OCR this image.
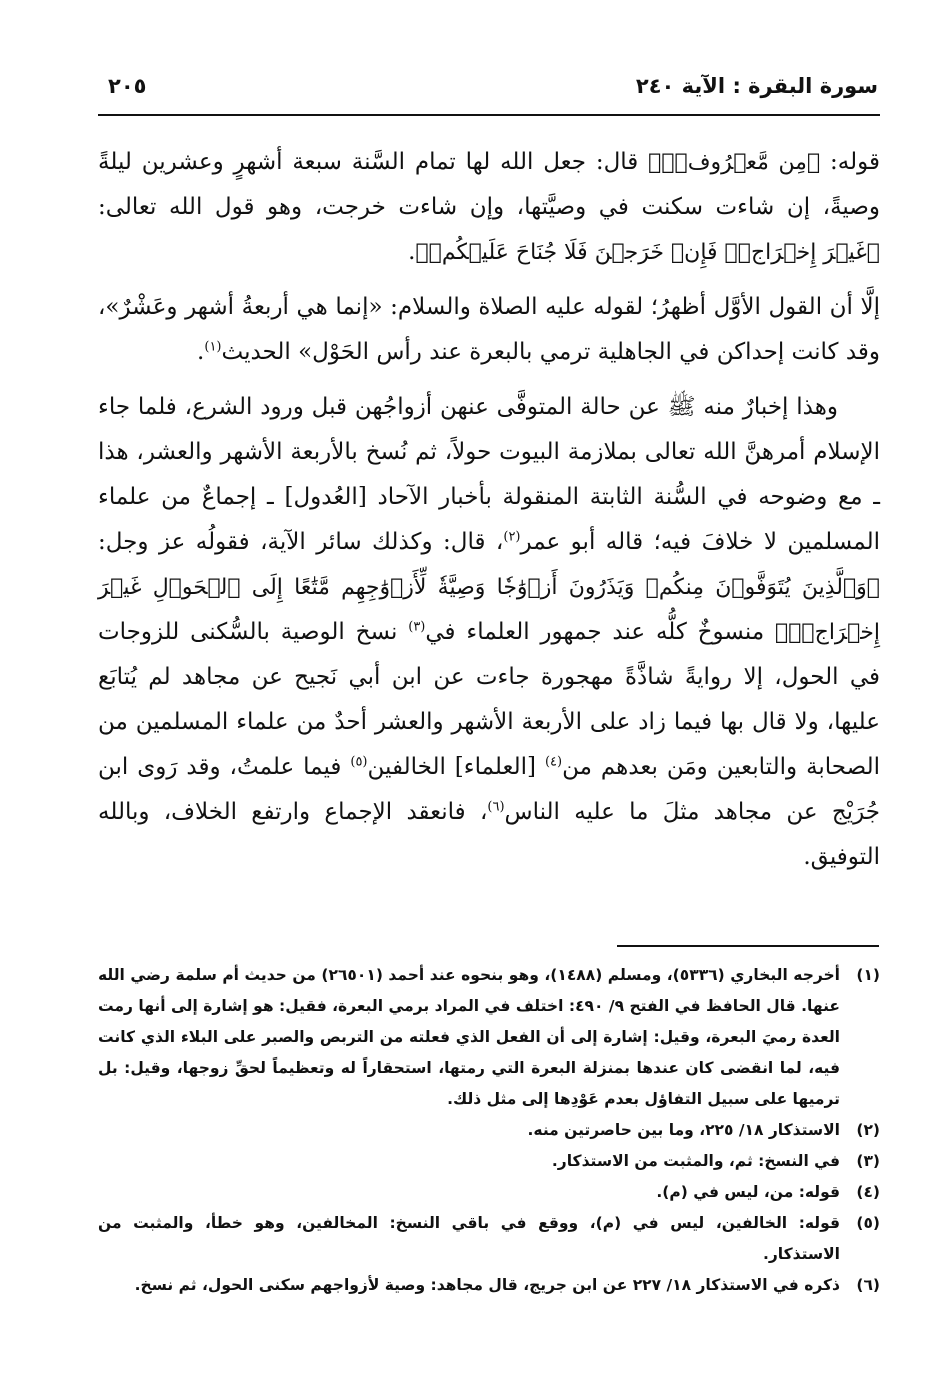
سورة البقرة : الآية ٢٤٠
٢٠٥

قوله: ﴿مِن مَّعۡرُوفٖۗ﴾ قال: جعل الله لها تمام السَّنة سبعة أشهرٍ وعشرين ليلةً وصيةً، إن شاءت سكنت في وصيَّتها، وإن شاءت خرجت، وهو قول الله تعالى: ﴿غَيۡرَ إِخۡرَاجٖۚ فَإِنۡ خَرَجۡنَ فَلَا جُنَاحَ عَلَيۡكُمۡ﴾.

إلَّا أن القول الأوَّل أظهرُ؛ لقوله عليه الصلاة والسلام: «إنما هي أربعةُ أشهر وعَشْرٌ»، وقد كانت إحداكن في الجاهلية ترمي بالبعرة عند رأس الحَوْل» الحديث$^{(١)}$.

وهذا إخبارٌ منه ﷺ عن حالة المتوفَّى عنهن أزواجُهن قبل ورود الشرع، فلما جاء الإسلام أمرهنَّ الله تعالى بملازمة البيوت حولاً، ثم نُسخ بالأربعة الأشهر والعشر، هذا ـ مع وضوحه في السُّنة الثابتة المنقولة بأخبار الآحاد [العُدول] ـ إجماعٌ من علماء المسلمين لا خلافَ فيه؛ قاله أبو عمر$^{(٢)}$، قال: وكذلك سائر الآية، فقولُه عز وجل: ﴿وَٱلَّذِينَ يُتَوَفَّوۡنَ مِنكُمۡ وَيَذَرُونَ أَزۡوَٰجٗا وَصِيَّةٗ لِّأَزۡوَٰجِهِم مَّتَٰعًا إِلَى ٱلۡحَوۡلِ غَيۡرَ إِخۡرَاجٖۚ﴾ منسوخٌ كلُّه عند جمهور العلماء في$^{(٣)}$ نسخ الوصية بالسُّكنى للزوجات في الحول، إلا روايةً شاذَّةً مهجورة جاءت عن ابن أبي نَجيح عن مجاهد لم يُتابَع عليها، ولا قال بها فيما زاد على الأربعة الأشهر والعشر أحدٌ من علماء المسلمين من الصحابة والتابعين ومَن بعدهم من$^{(٤)}$ [العلماء] الخالفين$^{(٥)}$ فيما علمتُ، وقد رَوى ابن جُرَيْج عن مجاهد مثلَ ما عليه الناس$^{(٦)}$، فانعقد الإجماع وارتفع الخلاف، وبالله التوفيق.

(١)
أخرجه البخاري (٥٣٣٦)، ومسلم (١٤٨٨)، وهو بنحوه عند أحمد (٢٦٥٠١) من حديث أم سلمة رضي الله عنها. قال الحافظ في الفتح ٩/ ٤٩٠: اختلف في المراد برمي البعرة، فقيل: هو إشارة إلى أنها رمت العدة رميَ البعرة، وقيل: إشارة إلى أن الفعل الذي فعلته من التربص والصبر على البلاء الذي كانت فيه، لما انقضى كان عندها بمنزلة البعرة التي رمتها، استحقاراً له وتعظيماً لحقِّ زوجها، وقيل: بل ترميها على سبيل التفاؤل بعدم عَوْدِها إلى مثل ذلك.
(٢)
الاستذكار ١٨/ ٢٢٥، وما بين حاصرتين منه.
(٣)
في النسخ: ثم، والمثبت من الاستذكار.
(٤)
قوله: من، ليس في (م).
(٥)
قوله: الخالفين، ليس في (م)، ووقع في باقي النسخ: المخالفين، وهو خطأ، والمثبت من الاستذكار.
(٦)
ذكره في الاستذكار ١٨/ ٢٢٧ عن ابن جريج، قال مجاهد: وصية لأزواجهم سكنى الحول، ثم نسخ.
